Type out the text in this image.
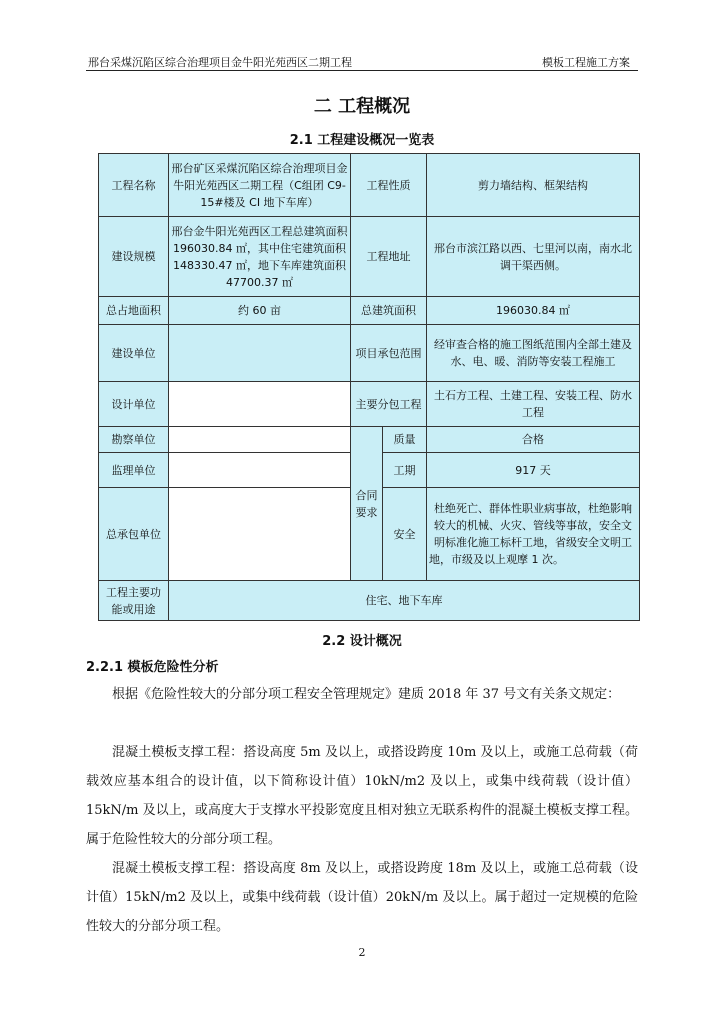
邢台采煤沉陷区综合治理项目金牛阳光苑西区二期工程	模板工程施工方案
二 工程概况
2.1 工程建设概况一览表
工程名称	邢台矿区采煤沉陷区综合治理项目金牛阳光苑西区二期工程（C组团 C9-15#楼及 CI 地下车库）	工程性质		剪力墙结构、框架结构
建设规模	邢台金牛阳光苑西区工程总建筑面积 196030.84 ㎡，其中住宅建筑面积 148330.47 ㎡，地下车库建筑面积 47700.37 ㎡	工程地址		邢台市滨江路以西、七里河以南，南水北调干渠西侧。
总占地面积	约 60 亩	总建筑面积		196030.84 ㎡
建设单位		项目承包范围		经审查合格的施工图纸范围内全部土建及水、电、暖、消防等安装工程施工
设计单位		主要分包工程		土石方工程、土建工程、安装工程、防水工程
勘察单位		合同要求	质量	合格
监理单位			工期	917 天
总承包单位			安全	杜绝死亡、群体性职业病事故，杜绝影响较大的机械、火灾、管线等事故，安全文明标准化施工标杆工地，省级安全文明工地，市级及以上观摩 1 次。

工程主要功能或用途	住宅、地下车库			
2.2 设计概况
2.2.1 模板危险性分析
根据《危险性较大的分部分项工程安全管理规定》建质 2018 年 37 号文有关条文规定：
混凝土模板支撑工程：搭设高度 5m 及以上，或搭设跨度 10m 及以上，或施工总荷载（荷载效应基本组合的设计值，以下简称设计值）10kN/m2 及以上，或集中线荷载（设计值）15kN/m 及以上，或高度大于支撑水平投影宽度且相对独立无联系构件的混凝土模板支撑工程。属于危险性较大的分部分项工程。
混凝土模板支撑工程：搭设高度 8m 及以上，或搭设跨度 18m 及以上，或施工总荷载（设计值）15kN/m2 及以上，或集中线荷载（设计值）20kN/m 及以上。属于超过一定规模的危险性较大的分部分项工程。
2
